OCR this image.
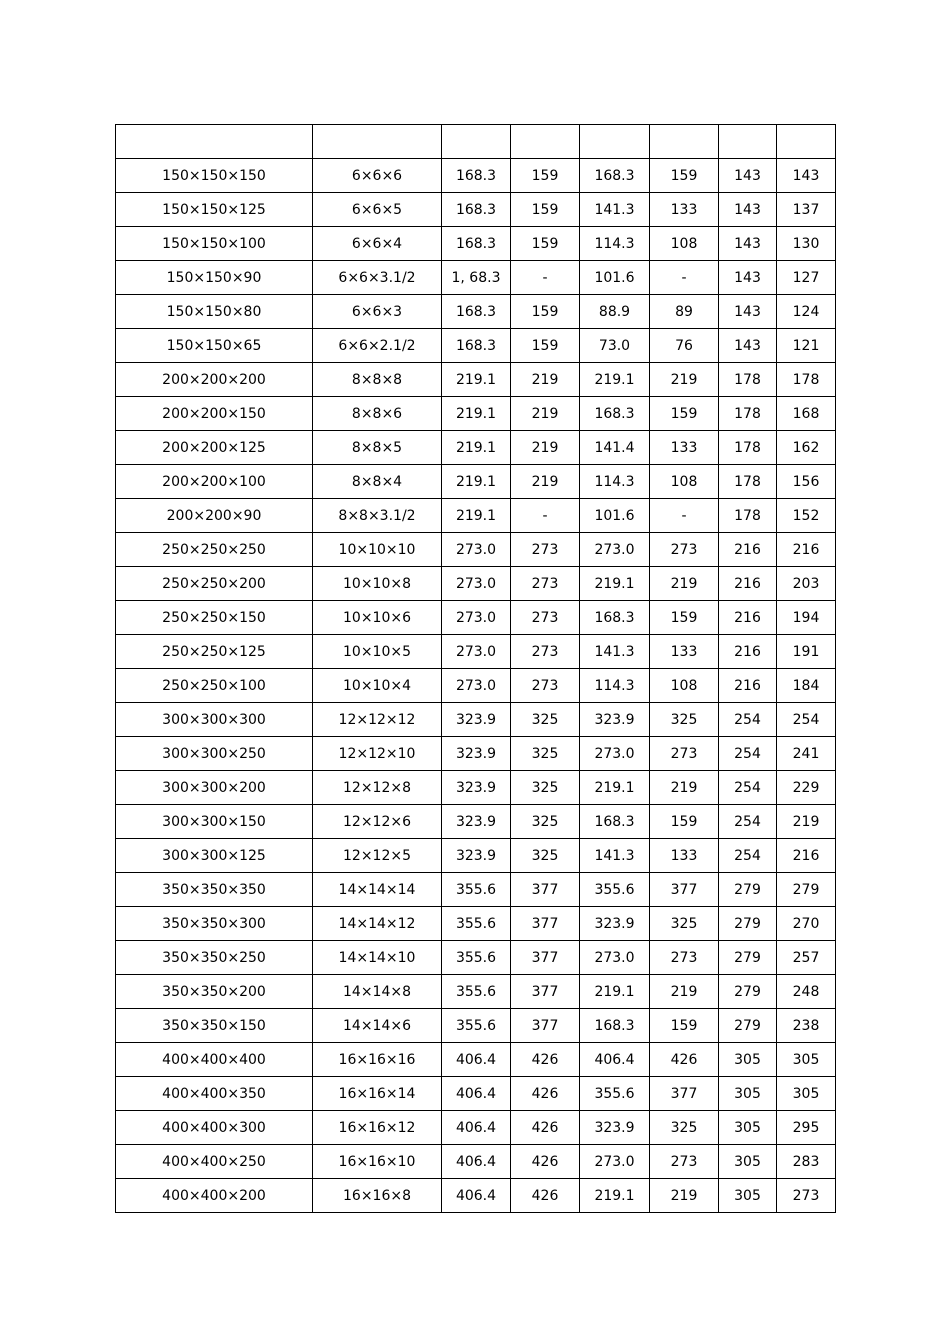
150×150×150	6×6×6	168.3	159	168.3	159	143	143
150×150×125	6×6×5	168.3	159	141.3	133	143	137
150×150×100	6×6×4	168.3	159	114.3	108	143	130
150×150×90	6×6×3.1/2	1, 68.3	-	101.6	-	143	127
150×150×80	6×6×3	168.3	159	88.9	89	143	124
150×150×65	6×6×2.1/2	168.3	159	73.0	76	143	121
200×200×200	8×8×8	219.1	219	219.1	219	178	178
200×200×150	8×8×6	219.1	219	168.3	159	178	168
200×200×125	8×8×5	219.1	219	141.4	133	178	162
200×200×100	8×8×4	219.1	219	114.3	108	178	156
200×200×90	8×8×3.1/2	219.1	-	101.6	-	178	152
250×250×250	10×10×10	273.0	273	273.0	273	216	216
250×250×200	10×10×8	273.0	273	219.1	219	216	203
250×250×150	10×10×6	273.0	273	168.3	159	216	194
250×250×125	10×10×5	273.0	273	141.3	133	216	191
250×250×100	10×10×4	273.0	273	114.3	108	216	184
300×300×300	12×12×12	323.9	325	323.9	325	254	254
300×300×250	12×12×10	323.9	325	273.0	273	254	241
300×300×200	12×12×8	323.9	325	219.1	219	254	229
300×300×150	12×12×6	323.9	325	168.3	159	254	219
300×300×125	12×12×5	323.9	325	141.3	133	254	216
350×350×350	14×14×14	355.6	377	355.6	377	279	279
350×350×300	14×14×12	355.6	377	323.9	325	279	270
350×350×250	14×14×10	355.6	377	273.0	273	279	257
350×350×200	14×14×8	355.6	377	219.1	219	279	248
350×350×150	14×14×6	355.6	377	168.3	159	279	238
400×400×400	16×16×16	406.4	426	406.4	426	305	305
400×400×350	16×16×14	406.4	426	355.6	377	305	305
400×400×300	16×16×12	406.4	426	323.9	325	305	295
400×400×250	16×16×10	406.4	426	273.0	273	305	283
400×400×200	16×16×8	406.4	426	219.1	219	305	273
